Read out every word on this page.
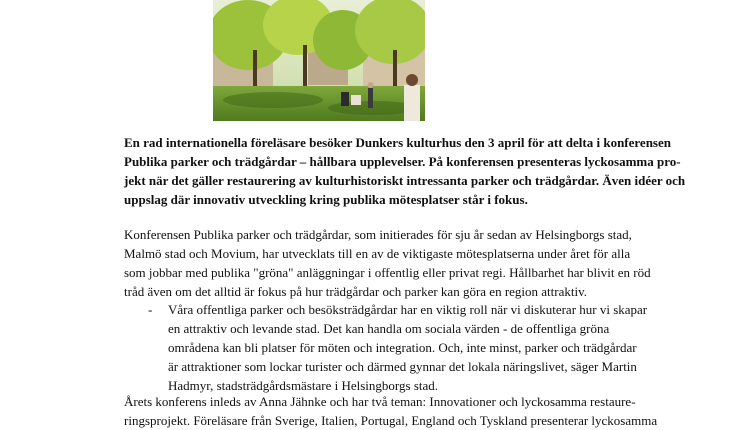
En rad internationella föreläsare besöker Dunkers kulturhus den 3 april för att delta i konferensen
Publika parker och trädgårdar – hållbara upplevelser. På konferensen presenteras lyckosamma pro-
jekt när det gäller restaurering av kulturhistoriskt intressanta parker och trädgårdar. Även idéer och
uppslag där innovativ utveckling kring publika mötesplatser står i fokus.
Konferensen Publika parker och trädgårdar, som initierades för sju år sedan av Helsingborgs stad,
Malmö stad och Movium, har utvecklats till en av de viktigaste mötesplatserna under året för alla
som jobbar med publika "gröna" anläggningar i offentlig eller privat regi. Hållbarhet har blivit en röd
tråd även om det alltid är fokus på hur trädgårdar och parker kan göra en region attraktiv.
- Våra offentliga parker och besöksträdgårdar har en viktig roll när vi diskuterar hur vi skapar
en attraktiv och levande stad. Det kan handla om sociala värden - de offentliga gröna
områdena kan bli platser för möten och integration. Och, inte minst, parker och trädgårdar
är attraktioner som lockar turister och därmed gynnar det lokala näringslivet, säger Martin
Hadmyr, stadsträdgårdsmästare i Helsingborgs stad.
Årets konferens inleds av Anna Jähnke och har två teman: Innovationer och lyckosamma restaure-
ringsprojekt. Föreläsare från Sverige, Italien, Portugal, England och Tyskland presenterar lyckosamma
